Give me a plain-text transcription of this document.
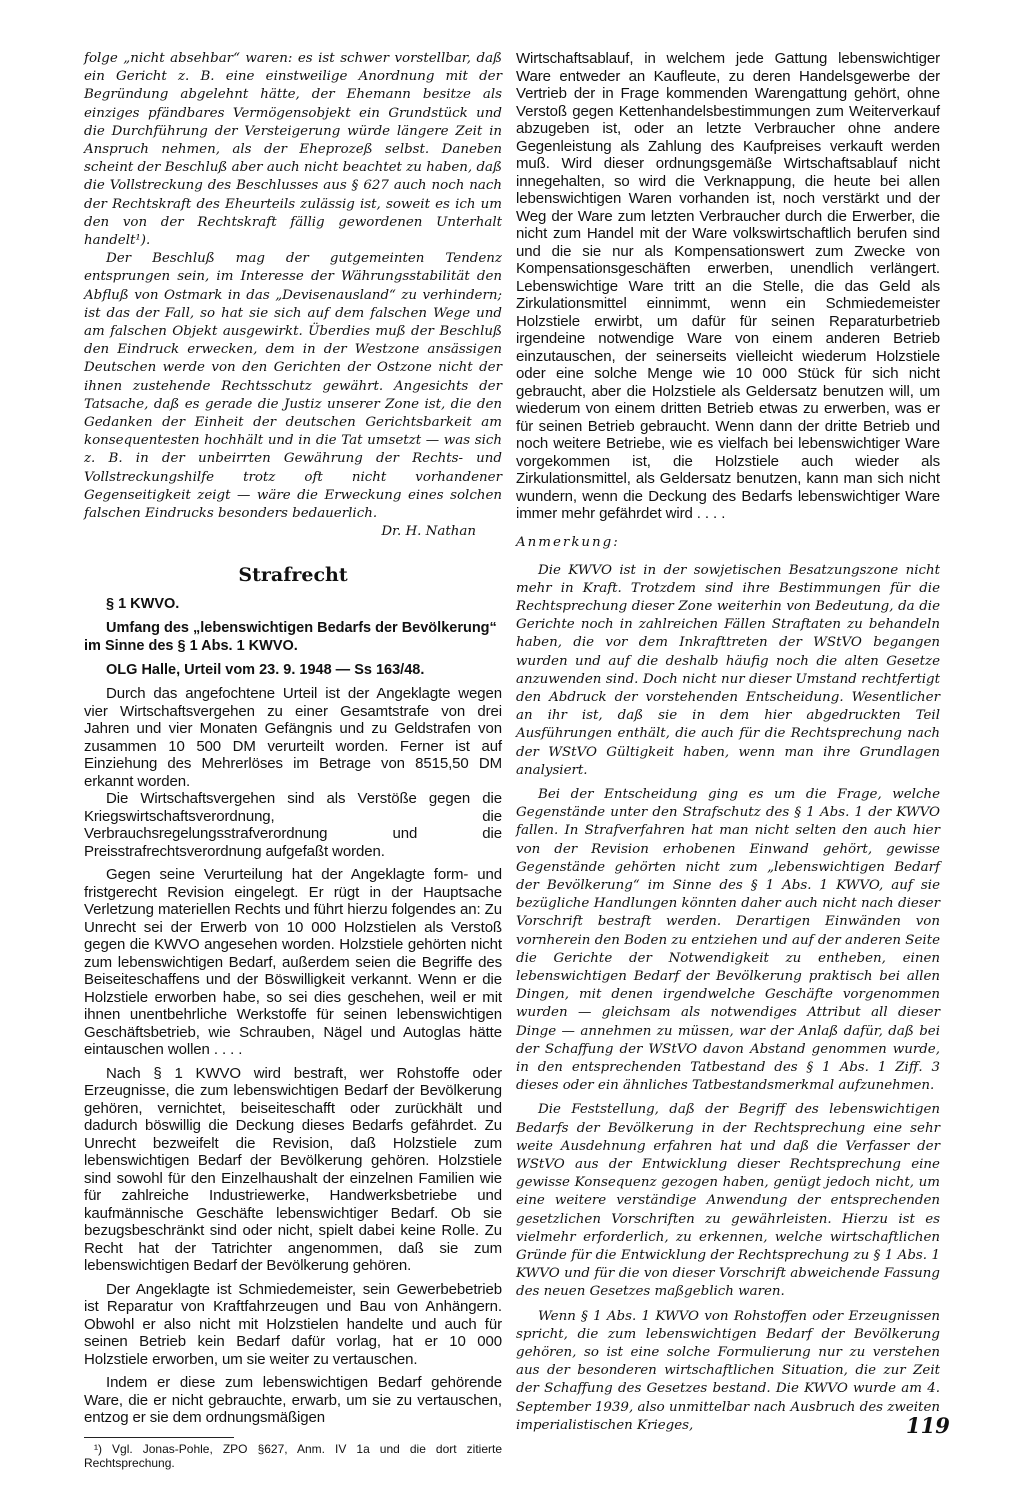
folge „nicht absehbar“ waren: es ist schwer vorstellbar, daß ein Gericht z. B. eine einstweilige Anordnung mit der Begründung abgelehnt hätte, der Ehemann besitze als einziges pfändbares Vermögensobjekt ein Grundstück und die Durchführung der Versteigerung würde längere Zeit in Anspruch nehmen, als der Eheprozeß selbst. Daneben scheint der Beschluß aber auch nicht beachtet zu haben, daß die Vollstreckung des Beschlusses aus § 627 auch noch nach der Rechtskraft des Eheurteils zulässig ist, soweit es ich um den von der Rechtskraft fällig gewordenen Unterhalt handelt¹).

Der Beschluß mag der gutgemeinten Tendenz entsprungen sein, im Interesse der Währungsstabilität den Abfluß von Ostmark in das „Devisenausland“ zu verhindern; ist das der Fall, so hat sie sich auf dem falschen Wege und am falschen Objekt ausgewirkt. Überdies muß der Beschluß den Eindruck erwecken, dem in der Westzone ansässigen Deutschen werde von den Gerichten der Ostzone nicht der ihnen zustehende Rechtsschutz gewährt. Angesichts der Tatsache, daß es gerade die Justiz unserer Zone ist, die den Gedanken der Einheit der deutschen Gerichtsbarkeit am konsequentesten hochhält und in die Tat umsetzt — was sich z. B. in der unbeirrten Gewährung der Rechts- und Vollstreckungshilfe trotz oft nicht vorhandener Gegenseitigkeit zeigt — wäre die Erweckung eines solchen falschen Eindrucks besonders bedauerlich.

Dr. H. Nathan
Strafrecht

§ 1 KWVO.

Umfang des „lebenswichtigen Bedarfs der Bevölkerung“ im Sinne des § 1 Abs. 1 KWVO.

OLG Halle, Urteil vom 23. 9. 1948 — Ss 163/48.

Durch das angefochtene Urteil ist der Angeklagte wegen vier Wirtschaftsvergehen zu einer Gesamtstrafe von drei Jahren und vier Monaten Gefängnis und zu Geldstrafen von zusammen 10 500 DM verurteilt worden. Ferner ist auf Einziehung des Mehrerlöses im Betrage von 8515,50 DM erkannt worden.

Die Wirtschaftsvergehen sind als Verstöße gegen die Kriegswirtschaftsverordnung, die Verbrauchsregelungsstrafverordnung und die Preisstrafrechtsverordnung aufgefaßt worden.

Gegen seine Verurteilung hat der Angeklagte form- und fristgerecht Revision eingelegt. Er rügt in der Hauptsache Verletzung materiellen Rechts und führt hierzu folgendes an: Zu Unrecht sei der Erwerb von 10 000 Holzstielen als Verstoß gegen die KWVO angesehen worden. Holzstiele gehörten nicht zum lebenswichtigen Bedarf, außerdem seien die Begriffe des Beiseiteschaffens und der Böswilligkeit verkannt. Wenn er die Holzstiele erworben habe, so sei dies geschehen, weil er mit ihnen unentbehrliche Werkstoffe für seinen lebenswichtigen Geschäftsbetrieb, wie Schrauben, Nägel und Autoglas hätte eintauschen wollen . . . .

Nach § 1 KWVO wird bestraft, wer Rohstoffe oder Erzeugnisse, die zum lebenswichtigen Bedarf der Bevölkerung gehören, vernichtet, beiseiteschafft oder zurückhält und dadurch böswillig die Deckung dieses Bedarfs gefährdet. Zu Unrecht bezweifelt die Revision, daß Holzstiele zum lebenswichtigen Bedarf der Bevölkerung gehören. Holzstiele sind sowohl für den Einzelhaushalt der einzelnen Familien wie für zahlreiche Industriewerke, Handwerksbetriebe und kaufmännische Geschäfte lebenswichtiger Bedarf. Ob sie bezugsbeschränkt sind oder nicht, spielt dabei keine Rolle. Zu Recht hat der Tatrichter angenommen, daß sie zum lebenswichtigen Bedarf der Bevölkerung gehören.

Der Angeklagte ist Schmiedemeister, sein Gewerbebetrieb ist Reparatur von Kraftfahrzeugen und Bau von Anhängern. Obwohl er also nicht mit Holzstielen handelte und auch für seinen Betrieb kein Bedarf dafür vorlag, hat er 10 000 Holzstiele erworben, um sie weiter zu vertauschen.

Indem er diese zum lebenswichtigen Bedarf gehörende Ware, die er nicht gebrauchte, erwarb, um sie zu vertauschen, entzog er sie dem ordnungsmäßigen

¹) Vgl. Jonas-Pohle, ZPO §627, Anm. IV 1a und die dort zitierte Rechtsprechung.

Wirtschaftsablauf, in welchem jede Gattung lebenswichtiger Ware entweder an Kaufleute, zu deren Handelsgewerbe der Vertrieb der in Frage kommenden Warengattung gehört, ohne Verstoß gegen Kettenhandelsbestimmungen zum Weiterverkauf abzugeben ist, oder an letzte Verbraucher ohne andere Gegenleistung als Zahlung des Kaufpreises verkauft werden muß. Wird dieser ordnungsgemäße Wirtschaftsablauf nicht innegehalten, so wird die Verknappung, die heute bei allen lebenswichtigen Waren vorhanden ist, noch verstärkt und der Weg der Ware zum letzten Verbraucher durch die Erwerber, die nicht zum Handel mit der Ware volkswirtschaftlich berufen sind und die sie nur als Kompensationswert zum Zwecke von Kompensationsgeschäften erwerben, unendlich verlängert. Lebenswichtige Ware tritt an die Stelle, die das Geld als Zirkulationsmittel einnimmt, wenn ein Schmiedemeister Holzstiele erwirbt, um dafür für seinen Reparaturbetrieb irgendeine notwendige Ware von einem anderen Betrieb einzutauschen, der seinerseits vielleicht wiederum Holzstiele oder eine solche Menge wie 10 000 Stück für sich nicht gebraucht, aber die Holzstiele als Geldersatz benutzen will, um wiederum von einem dritten Betrieb etwas zu erwerben, was er für seinen Betrieb gebraucht. Wenn dann der dritte Betrieb und noch weitere Betriebe, wie es vielfach bei lebenswichtiger Ware vorgekommen ist, die Holzstiele auch wieder als Zirkulationsmittel, als Geldersatz benutzen, kann man sich nicht wundern, wenn die Deckung des Bedarfs lebenswichtiger Ware immer mehr gefährdet wird . . . .

Anmerkung:

Die KWVO ist in der sowjetischen Besatzungszone nicht mehr in Kraft. Trotzdem sind ihre Bestimmungen für die Rechtsprechung dieser Zone weiterhin von Bedeutung, da die Gerichte noch in zahlreichen Fällen Straftaten zu behandeln haben, die vor dem Inkrafttreten der WStVO begangen wurden und auf die deshalb häufig noch die alten Gesetze anzuwenden sind. Doch nicht nur dieser Umstand rechtfertigt den Abdruck der vorstehenden Entscheidung. Wesentlicher an ihr ist, daß sie in dem hier abgedruckten Teil Ausführungen enthält, die auch für die Rechtsprechung nach der WStVO Gültigkeit haben, wenn man ihre Grundlagen analysiert.

Bei der Entscheidung ging es um die Frage, welche Gegenstände unter den Strafschutz des § 1 Abs. 1 der KWVO fallen. In Strafverfahren hat man nicht selten den auch hier von der Revision erhobenen Einwand gehört, gewisse Gegenstände gehörten nicht zum „lebenswichtigen Bedarf der Bevölkerung“ im Sinne des § 1 Abs. 1 KWVO, auf sie bezügliche Handlungen könnten daher auch nicht nach dieser Vorschrift bestraft werden. Derartigen Einwänden von vornherein den Boden zu entziehen und auf der anderen Seite die Gerichte der Notwendigkeit zu entheben, einen lebenswichtigen Bedarf der Bevölkerung praktisch bei allen Dingen, mit denen irgendwelche Geschäfte vorgenommen wurden — gleichsam als notwendiges Attribut all dieser Dinge — annehmen zu müssen, war der Anlaß dafür, daß bei der Schaffung der WStVO davon Abstand genommen wurde, in den entsprechenden Tatbestand des § 1 Abs. 1 Ziff. 3 dieses oder ein ähnliches Tatbestandsmerkmal aufzunehmen.

Die Feststellung, daß der Begriff des lebenswichtigen Bedarfs der Bevölkerung in der Rechtsprechung eine sehr weite Ausdehnung erfahren hat und daß die Verfasser der WStVO aus der Entwicklung dieser Rechtsprechung eine gewisse Konsequenz gezogen haben, genügt jedoch nicht, um eine weitere verständige Anwendung der entsprechenden gesetzlichen Vorschriften zu gewährleisten. Hierzu ist es vielmehr erforderlich, zu erkennen, welche wirtschaftlichen Gründe für die Entwicklung der Rechtsprechung zu § 1 Abs. 1 KWVO und für die von dieser Vorschrift abweichende Fassung des neuen Gesetzes maßgeblich waren.

Wenn § 1 Abs. 1 KWVO von Rohstoffen oder Erzeugnissen spricht, die zum lebenswichtigen Bedarf der Bevölkerung gehören, so ist eine solche Formulierung nur zu verstehen aus der besonderen wirtschaftlichen Situation, die zur Zeit der Schaffung des Gesetzes bestand. Die KWVO wurde am 4. September 1939, also unmittelbar nach Ausbruch des zweiten imperialistischen Krieges,	119
